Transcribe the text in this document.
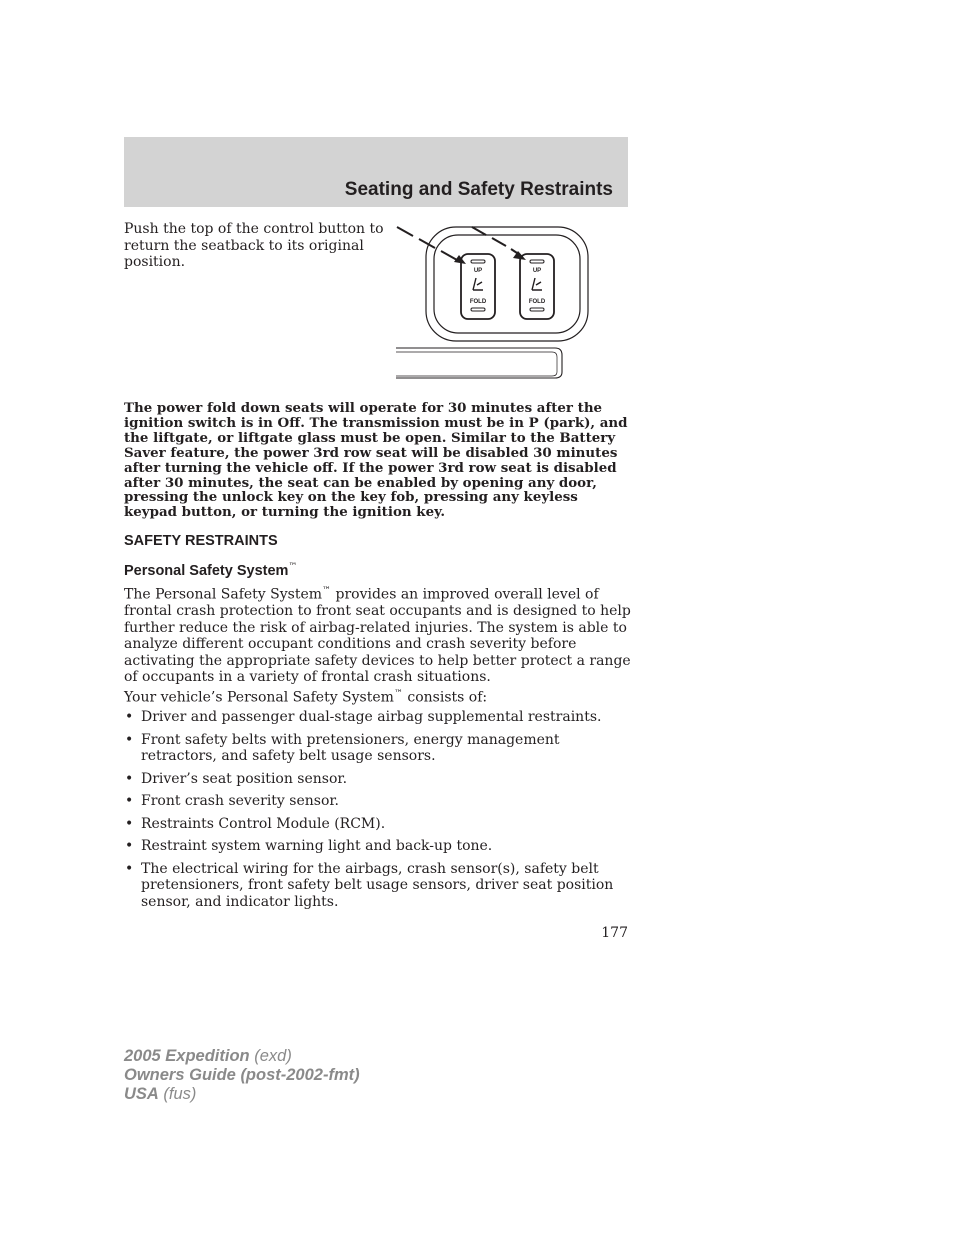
Seating and Safety Restraints
Push the top of the control button to return the seatback to its original position.
UP
FOLD
UP
FOLD
The power fold down seats will operate for 30 minutes after the ignition switch is in Off. The transmission must be in P (park), and the liftgate, or liftgate glass must be open. Similar to the Battery Saver feature, the power 3rd row seat will be disabled 30 minutes after turning the vehicle off. If the power 3rd row seat is disabled after 30 minutes, the seat can be enabled by opening any door, pressing the unlock key on the key fob, pressing any keyless keypad button, or turning the ignition key.
SAFETY RESTRAINTS
Personal Safety System™
The Personal Safety System™ provides an improved overall level of frontal crash protection to front seat occupants and is designed to help further reduce the risk of airbag-related injuries. The system is able to analyze different occupant conditions and crash severity before activating the appropriate safety devices to help better protect a range of occupants in a variety of frontal crash situations.
Your vehicle’s Personal Safety System™ consists of:
• Driver and passenger dual-stage airbag supplemental restraints.
• Front safety belts with pretensioners, energy management retractors, and safety belt usage sensors.
• Driver’s seat position sensor.
• Front crash severity sensor.
• Restraints Control Module (RCM).
• Restraint system warning light and back-up tone.
• The electrical wiring for the airbags, crash sensor(s), safety belt pretensioners, front safety belt usage sensors, driver seat position sensor, and indicator lights.
177
2005 Expedition (exd)
Owners Guide (post-2002-fmt)
USA (fus)
